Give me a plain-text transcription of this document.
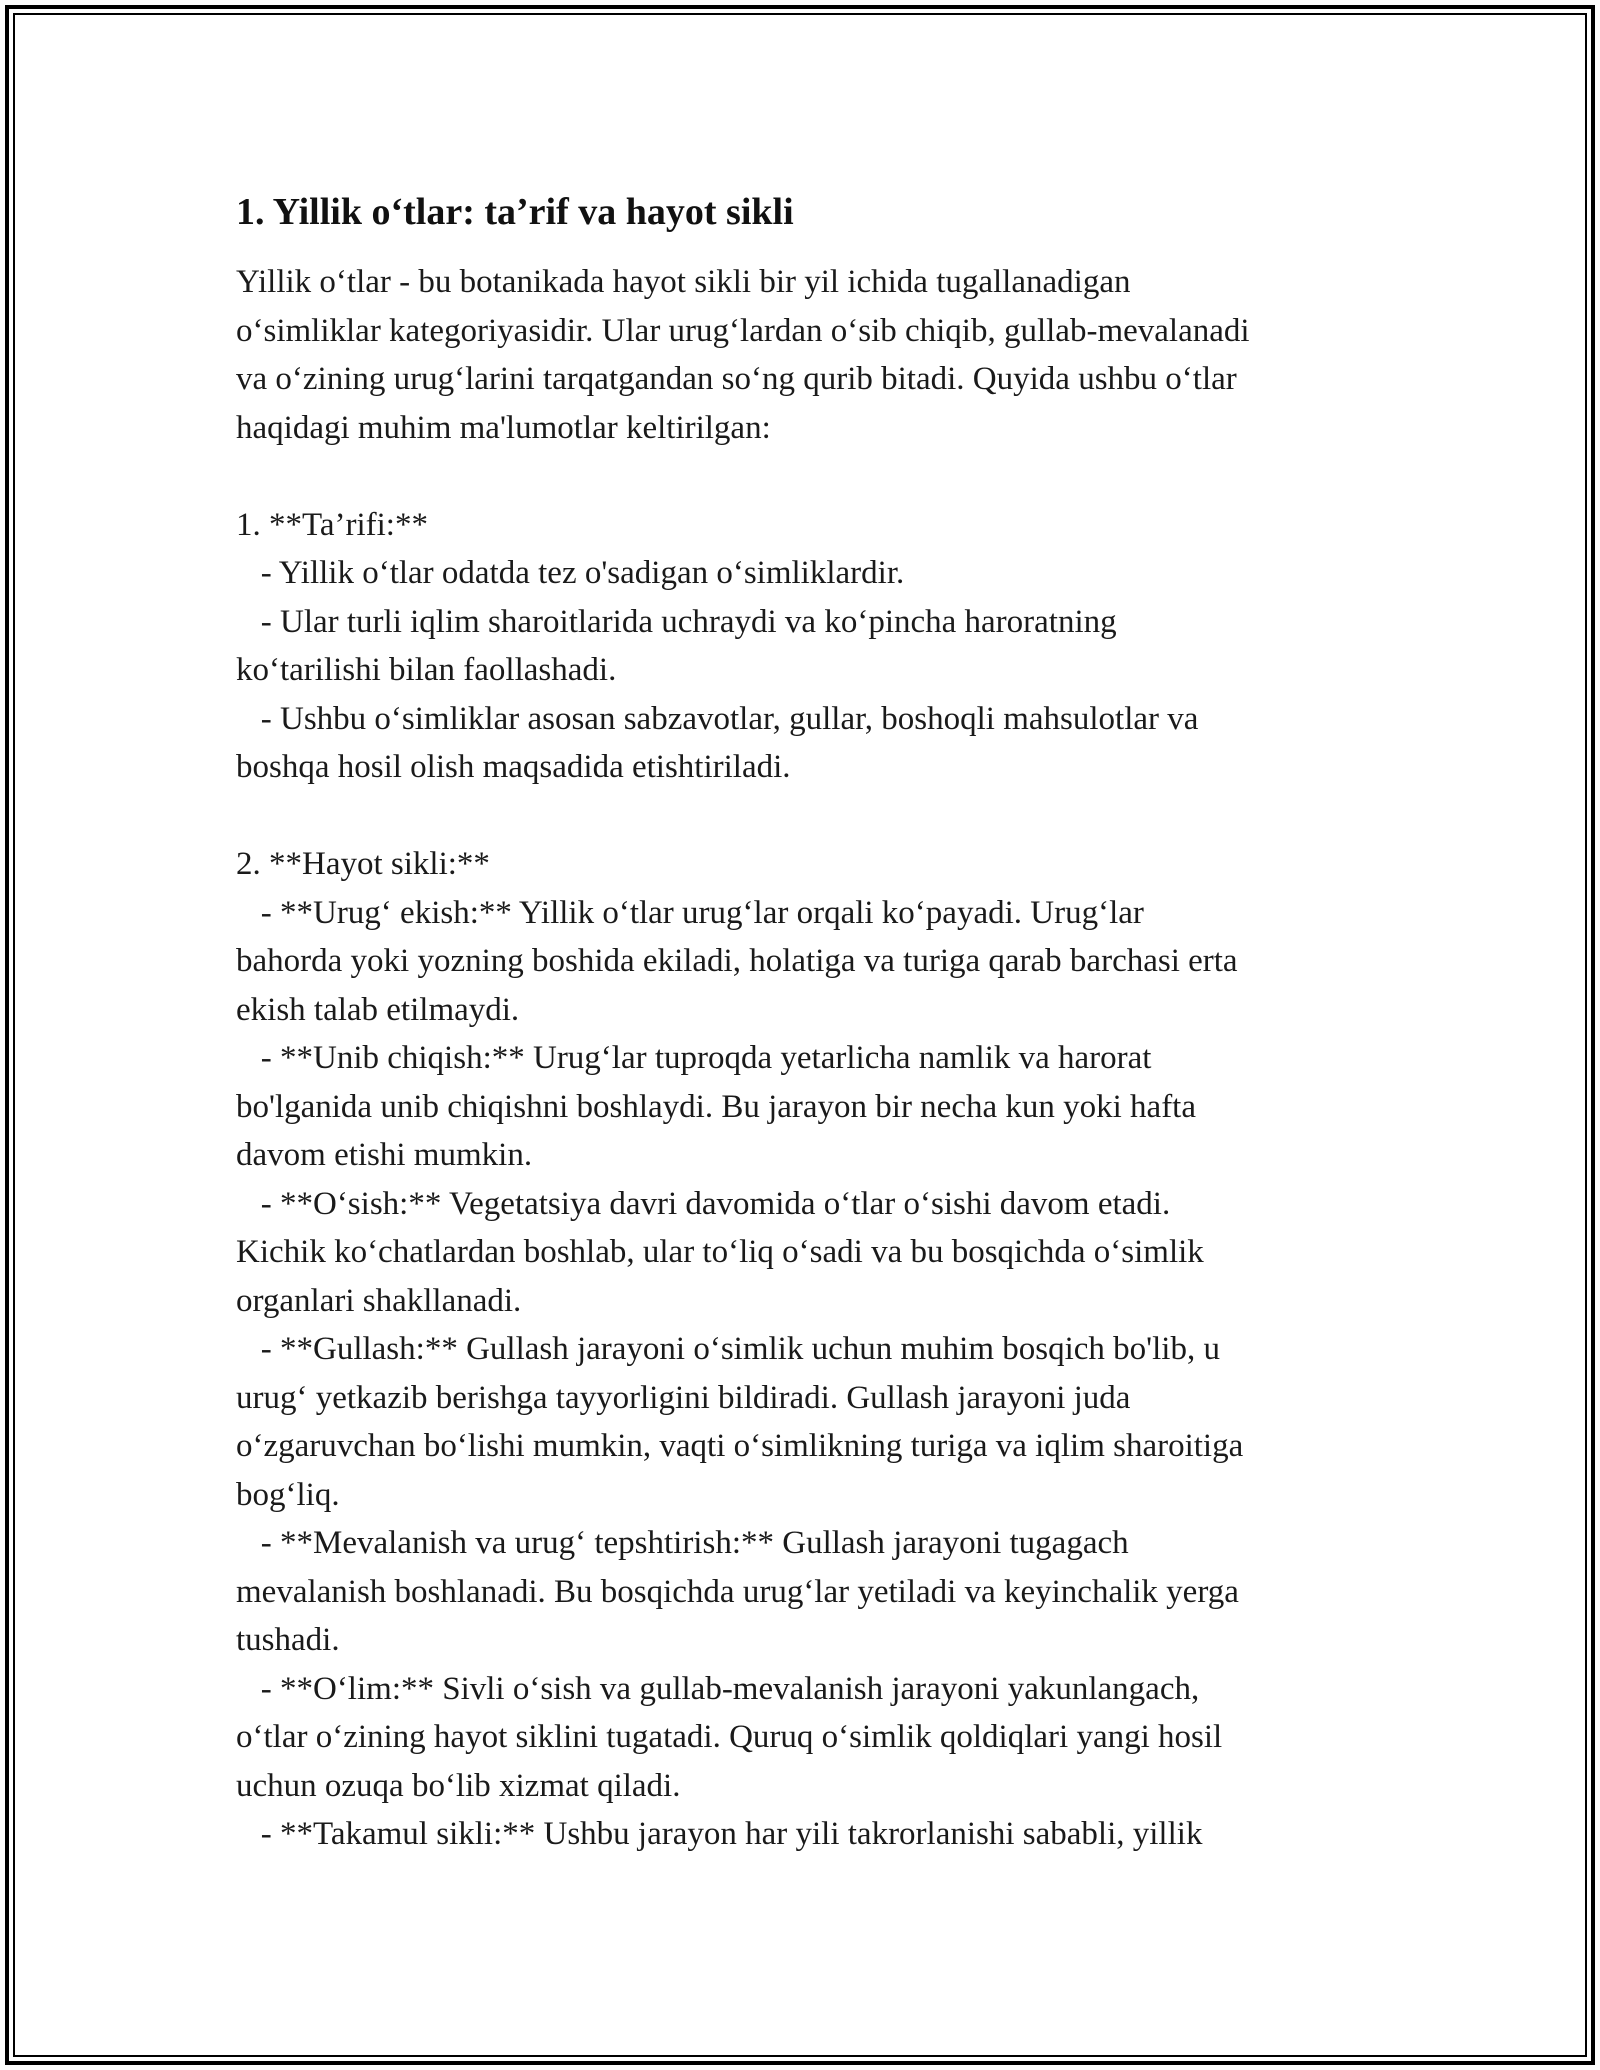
1. Yillik o‘tlar: ta’rif va hayot sikli

Yillik o‘tlar - bu botanikada hayot sikli bir yil ichida tugallanadigan
o‘simliklar kategoriyasidir. Ular urug‘lardan o‘sib chiqib, gullab-mevalanadi
va o‘zining urug‘larini tarqatgandan so‘ng qurib bitadi. Quyida ushbu o‘tlar
haqidagi muhim ma'lumotlar keltirilgan:

1. **Ta’rifi:**
- Yillik o‘tlar odatda tez o'sadigan o‘simliklardir.
- Ular turli iqlim sharoitlarida uchraydi va ko‘pincha haroratning
ko‘tarilishi bilan faollashadi.
- Ushbu o‘simliklar asosan sabzavotlar, gullar, boshoqli mahsulotlar va
boshqa hosil olish maqsadida etishtiriladi.

2. **Hayot sikli:**
- **Urug‘ ekish:** Yillik o‘tlar urug‘lar orqali ko‘payadi. Urug‘lar
bahorda yoki yozning boshida ekiladi, holatiga va turiga qarab barchasi erta
ekish talab etilmaydi.
- **Unib chiqish:** Urug‘lar tuproqda yetarlicha namlik va harorat
bo'lganida unib chiqishni boshlaydi. Bu jarayon bir necha kun yoki hafta
davom etishi mumkin.
- **O‘sish:** Vegetatsiya davri davomida o‘tlar o‘sishi davom etadi.
Kichik ko‘chatlardan boshlab, ular to‘liq o‘sadi va bu bosqichda o‘simlik
organlari shakllanadi.
- **Gullash:** Gullash jarayoni o‘simlik uchun muhim bosqich bo'lib, u
urug‘ yetkazib berishga tayyorligini bildiradi. Gullash jarayoni juda
o‘zgaruvchan bo‘lishi mumkin, vaqti o‘simlikning turiga va iqlim sharoitiga
bog‘liq.
- **Mevalanish va urug‘ tepshtirish:** Gullash jarayoni tugagach
mevalanish boshlanadi. Bu bosqichda urug‘lar yetiladi va keyinchalik yerga
tushadi.
- **O‘lim:** Sivli o‘sish va gullab-mevalanish jarayoni yakunlangach,
o‘tlar o‘zining hayot siklini tugatadi. Quruq o‘simlik qoldiqlari yangi hosil
uchun ozuqa bo‘lib xizmat qiladi.
- **Takamul sikli:** Ushbu jarayon har yili takrorlanishi sababli, yillik
